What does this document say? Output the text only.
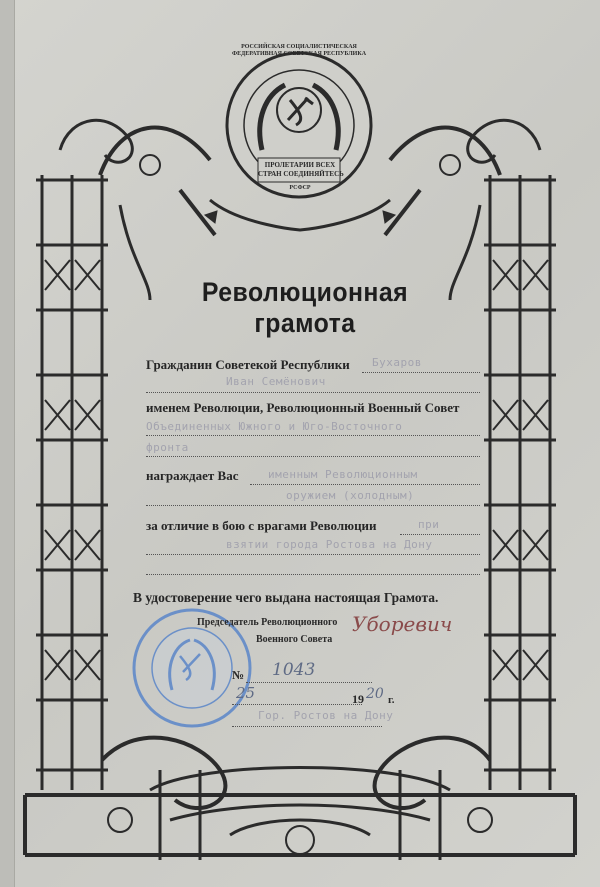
ПРОЛЕТАРИИ ВСЕХ
СТРАН СОЕДИНЯЙТЕСЬ
РСФСР
РОССИЙСКАЯ СОЦИАЛИСТИЧЕСКАЯ ФЕДЕРАТИВНАЯ СОВЕТСКАЯ РЕСПУБЛИКА
Революционная грамота
Гражданин Советекой Республики Бухаров
Иван Семёнович
именем Революции, Революционный Военный Совет
Объединенных Южного и Юго-Восточного
фронта
награждает Вас	именным Революционным
оружием (холодным)
за отличие в бою с врагами Революции	при
взятии города Ростова на Дону
В удостоверение чего выдана настоящая Грамота.
Председатель Революционного
Военного Совета
Уборевич
№ 1043
25	19 20 г.
Гор. Ростов на Дону
